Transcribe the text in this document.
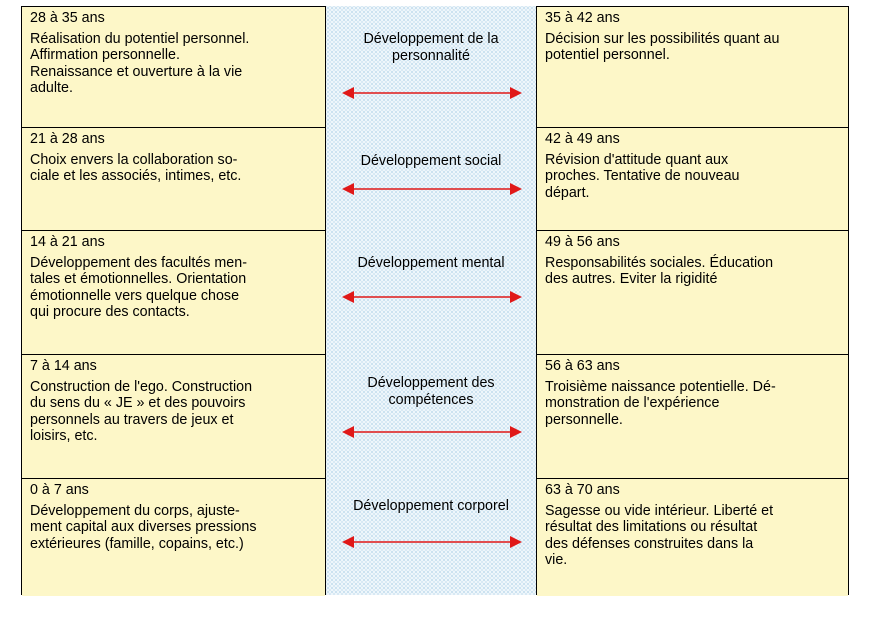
28 à 35 ans
Réalisation du potentiel personnel.
Affirmation personnelle.
Renaissance et ouverture à la vie
adulte.
21 à 28 ans
Choix envers la collaboration so-
ciale et les associés, intimes, etc.
14 à 21 ans
Développement des facultés men-
tales et émotionnelles. Orientation
émotionnelle vers quelque chose
qui procure des contacts.
7 à 14 ans
Construction de l'ego. Construction
du sens du « JE » et des pouvoirs
personnels au travers de jeux et
loisirs, etc.
0 à 7 ans
Développement du corps, ajuste-
ment capital aux diverses pressions
extérieures (famille, copains, etc.)
Développement de la
personnalité
Développement social
Développement mental
Développement des
compétences
Développement corporel
35 à 42 ans
Décision sur les possibilités quant au
potentiel personnel.
42 à 49 ans
Révision d'attitude quant aux
proches. Tentative de nouveau
départ.
49 à 56 ans
Responsabilités sociales. Éducation
des autres. Eviter la rigidité
56 à 63 ans
Troisième naissance potentielle. Dé-
monstration de l'expérience
personnelle.
63 à 70 ans
Sagesse ou vide intérieur. Liberté et
résultat des limitations ou résultat
des défenses construites dans la
vie.
